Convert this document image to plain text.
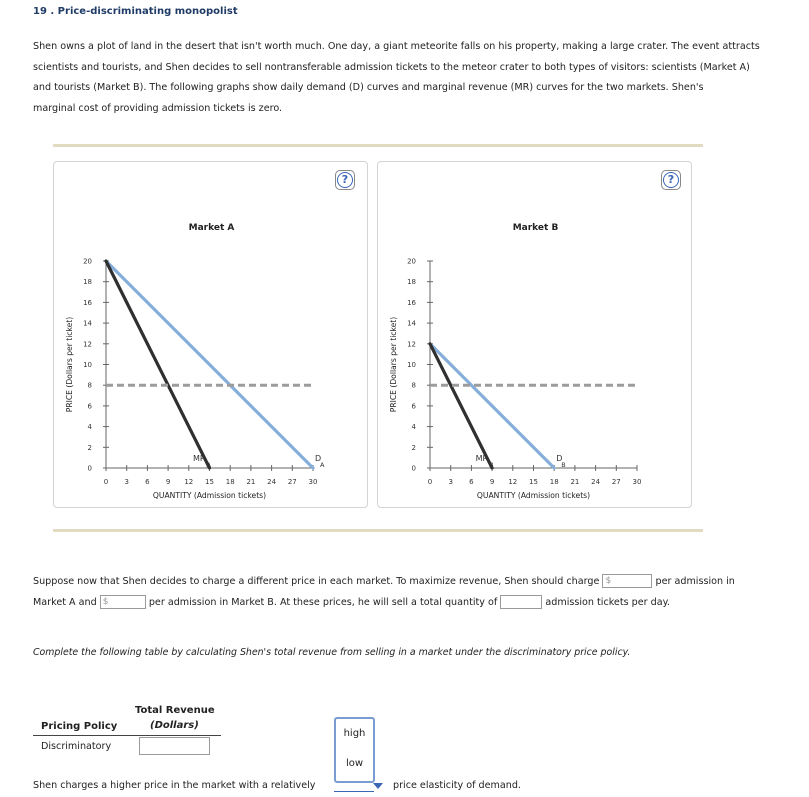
19 . Price-discriminating monopolist
Shen owns a plot of land in the desert that isn't worth much. One day, a giant meteorite falls on his property, making a large crater. The event attracts
scientists and tourists, and Shen decides to sell nontransferable admission tickets to the meteor crater to both types of visitors: scientists (Market A)
and tourists (Market B). The following graphs show daily demand (D) curves and marginal revenue (MR) curves for the two markets. Shen's
marginal cost of providing admission tickets is zero.
?
Market A
0
2
4
6
8
10
12
14
16
18
20
0 3 6 9 12 15 18 21 24 27 30
QUANTITY (Admission tickets)
PRICE (Dollars per ticket)
D
A
MR
A
?
Market B
0
2
4
6
8
10
12
14
16
18
20
0 3 6 9 12 15 18 21 24 27 30
QUANTITY (Admission tickets)
PRICE (Dollars per ticket)
D
B
MR
B
Suppose now that Shen decides to charge a different price in each market. To maximize revenue, Shen should charge $	per admission in
Market A and $	per admission in Market B. At these prices, he will sell a total quantity of	admission tickets per day.
Complete the following table by calculating Shen's total revenue from selling in a market under the discriminatory price policy.
Total Revenue
Pricing Policy	(Dollars)
Discriminatory
high
low
Shen charges a higher price in the market with a relatively	price elasticity of demand.
